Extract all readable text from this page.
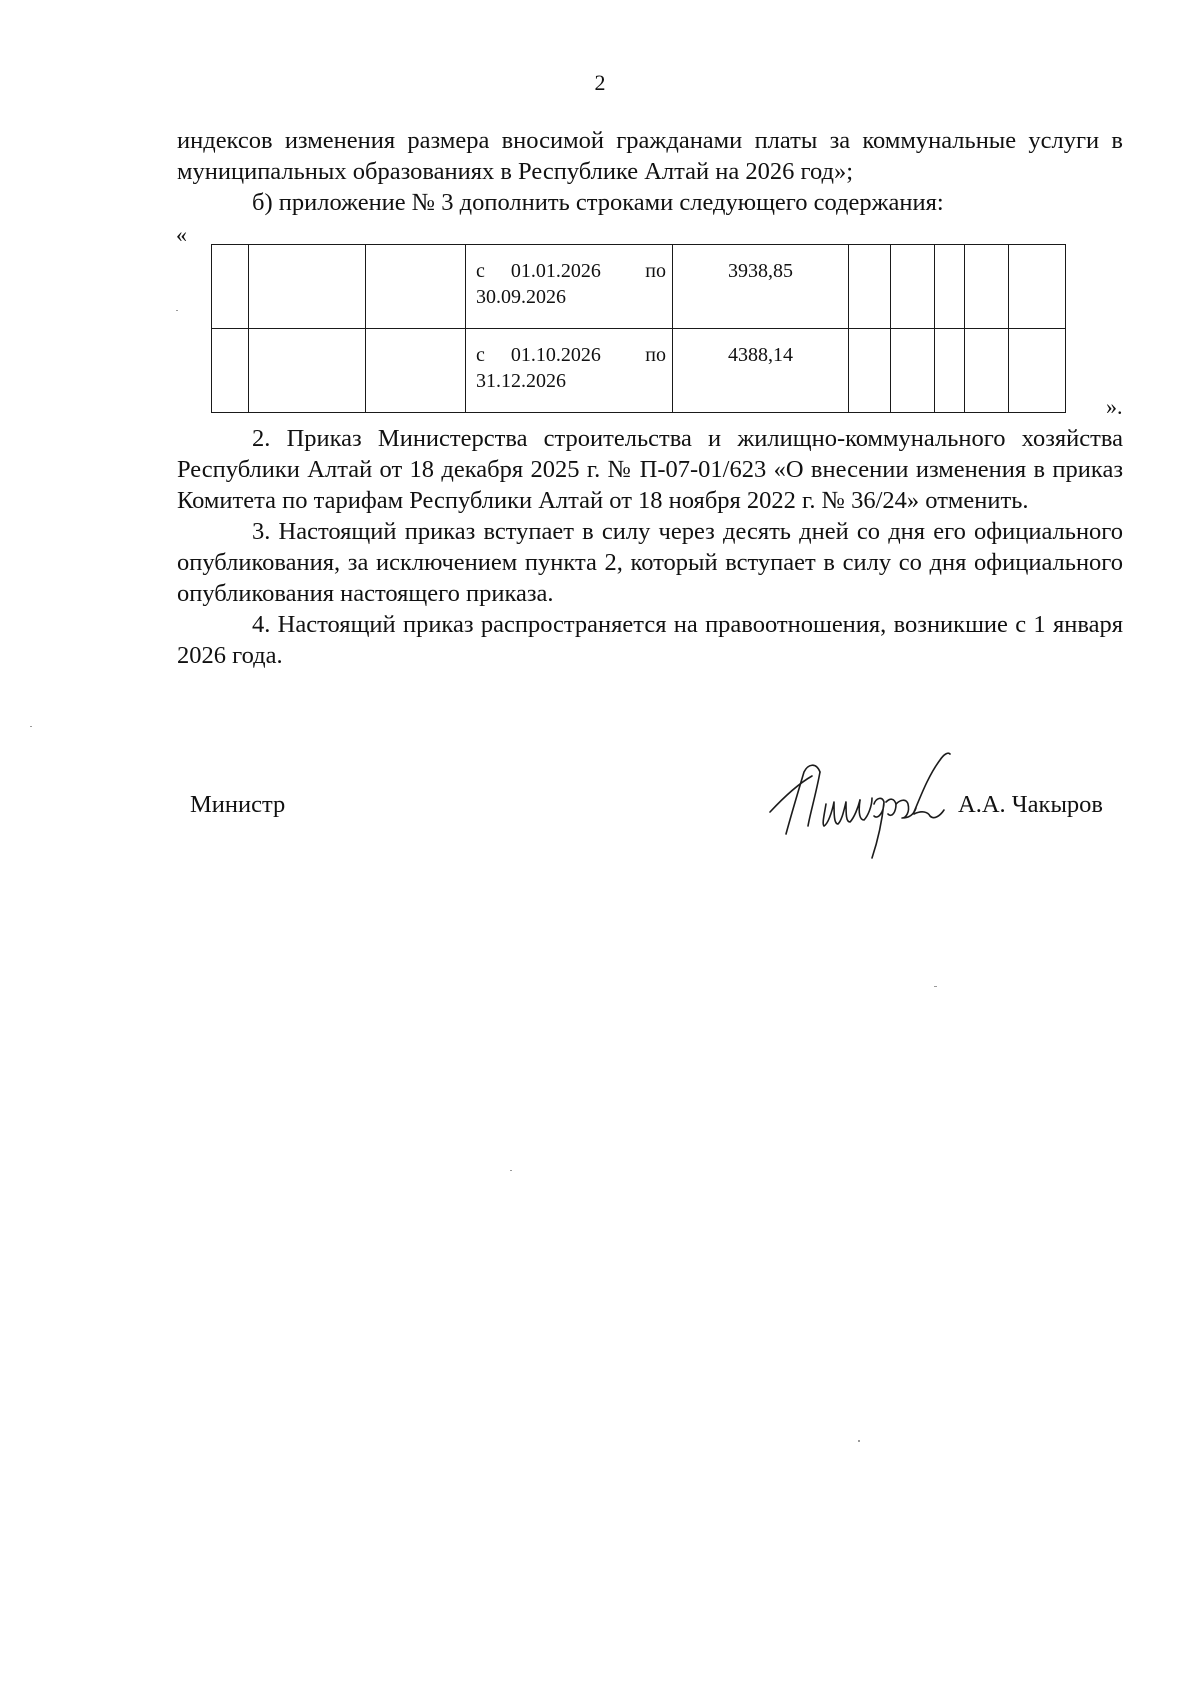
2

индексов изменения размера вносимой гражданами платы за коммунальные услуги в муниципальных образованиях в Республике Алтай на 2026 год»;

б) приложение № 3 дополнить строками следующего содержания:

«

			с 01.01.2026 по
30.09.2026	3938,85					

			с 01.10.2026 по
31.12.2026	4388,14					
».

2. Приказ Министерства строительства и жилищно-коммунального хозяйства Республики Алтай от 18 декабря 2025 г. № П-07-01/623 «О внесении изменения в приказ Комитета по тарифам Республики Алтай от 18 ноября 2022 г. № 36/24» отменить.

3. Настоящий приказ вступает в силу через десять дней со дня его официального опубликования, за исключением пункта 2, который вступает в силу со дня официального опубликования настоящего приказа.

4. Настоящий приказ распространяется на правоотношения, возникшие с 1 января 2026 года.

Министр	А.А. Чакыров
